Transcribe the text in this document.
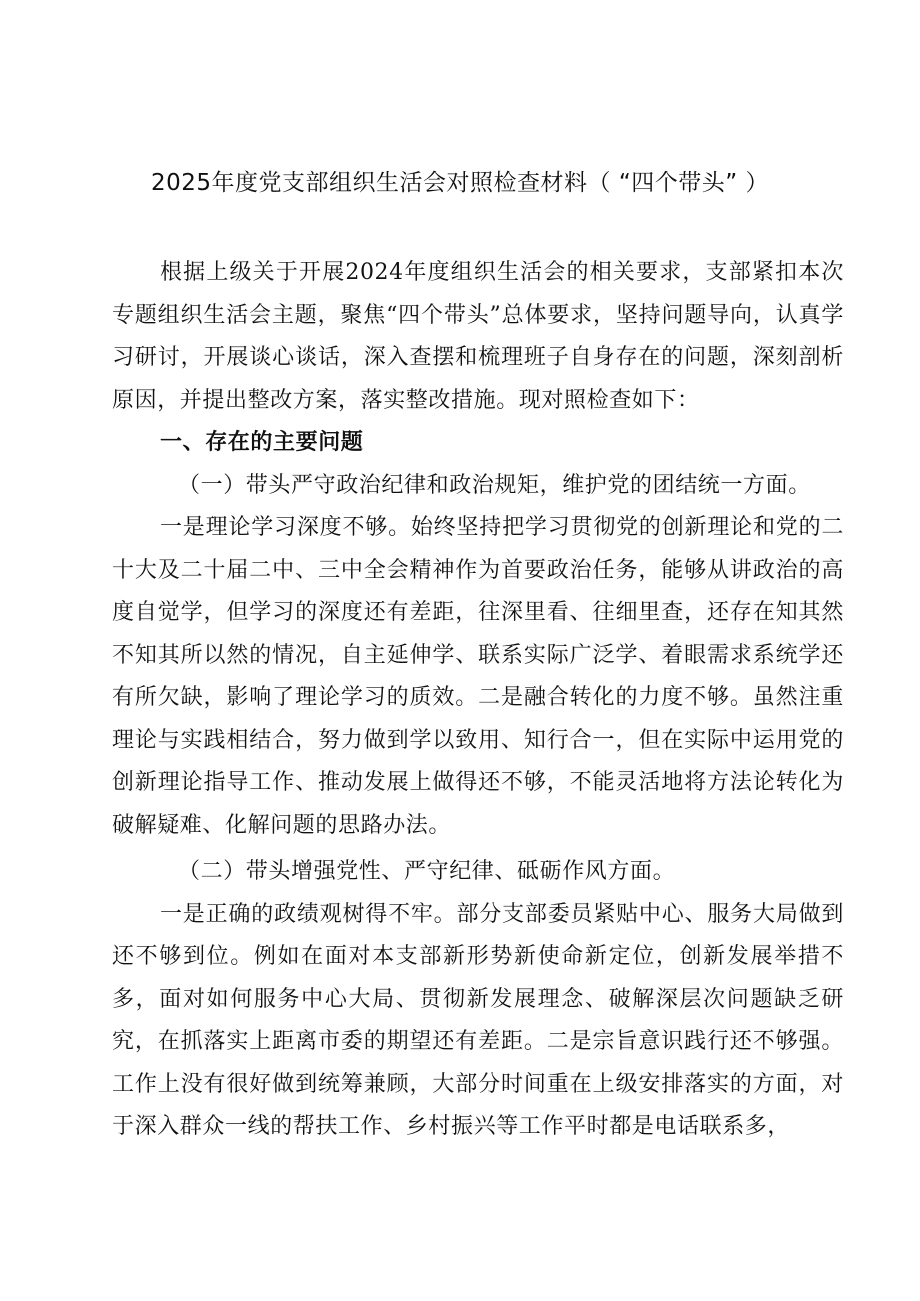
2025年度党支部组织生活会对照检查材料（ “四个带头” ）

根据上级关于开展2024年度组织生活会的相关要求，支部紧扣本次专题组织生活会主题，聚焦“四个带头”总体要求，坚持问题导向，认真学习研讨，开展谈心谈话，深入查摆和梳理班子自身存在的问题，深刻剖析原因，并提出整改方案，落实整改措施。现对照检查如下：

一、存在的主要问题

（一）带头严守政治纪律和政治规矩，维护党的团结统一方面。

一是理论学习深度不够。始终坚持把学习贯彻党的创新理论和党的二十大及二十届二中、三中全会精神作为首要政治任务，能够从讲政治的高度自觉学，但学习的深度还有差距，往深里看、往细里查，还存在知其然不知其所以然的情况，自主延伸学、联系实际广泛学、着眼需求系统学还有所欠缺，影响了理论学习的质效。二是融合转化的力度不够。虽然注重理论与实践相结合，努力做到学以致用、知行合一，但在实际中运用党的创新理论指导工作、推动发展上做得还不够，不能灵活地将方法论转化为破解疑难、化解问题的思路办法。

（二）带头增强党性、严守纪律、砥砺作风方面。

一是正确的政绩观树得不牢。部分支部委员紧贴中心、服务大局做到还不够到位。例如在面对本支部新形势新使命新定位，创新发展举措不多，面对如何服务中心大局、贯彻新发展理念、破解深层次问题缺乏研究，在抓落实上距离市委的期望还有差距。二是宗旨意识践行还不够强。工作上没有很好做到统筹兼顾，大部分时间重在上级安排落实的方面，对于深入群众一线的帮扶工作、乡村振兴等工作平时都是电话联系多，
